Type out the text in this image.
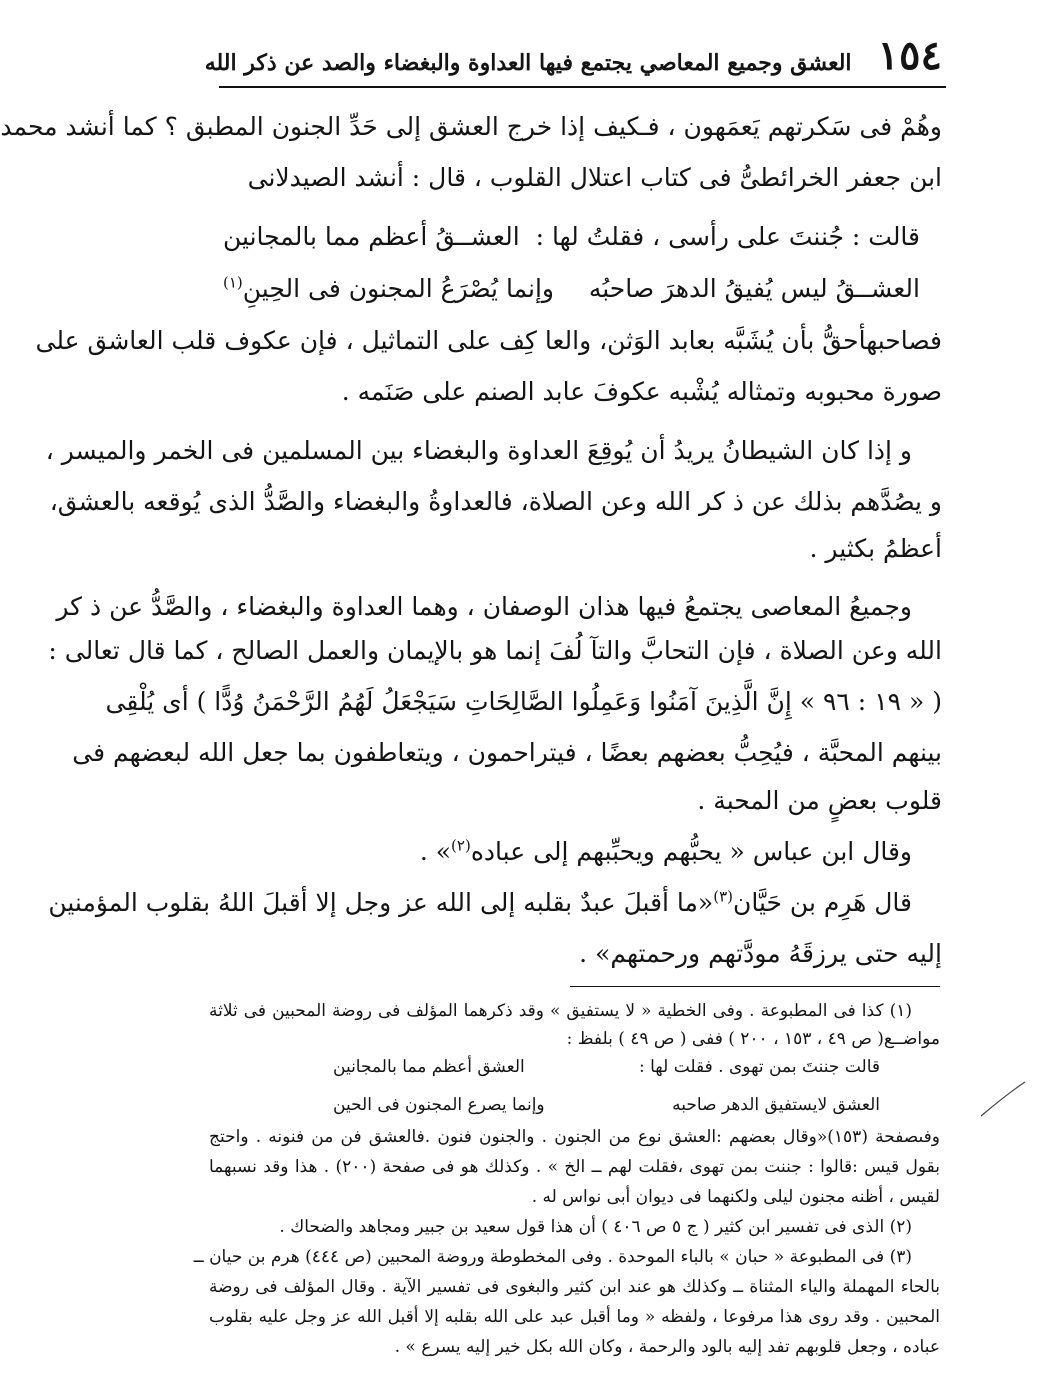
١٥٤
العشق وجميع المعاصي يجتمع فيها العداوة والبغضاء والصد عن ذكر الله
وهُمْ فى سَكرتهم يَعمَهون ، فـكيف إذا خرج العشق إلى حَدِّ الجنون المطبق ؟ كما أنشد محمد
ابن جعفر الخرائطىُّ فى كتاب اعتلال القلوب ، قال : أنشد الصيدلانى
قالت : جُننتَ على رأسى ، فقلتُ لها :
العشــقُ أعظم مما بالمجانين
العشــقُ ليس يُفيقُ الدهرَ صاحبُه
وإنما يُصْرَعُ المجنون فى الحِينِ$^{(١)}$
فصاحبهأحقُّ بأن يُشَبَّه بعابد الوَثن، والعا كِف على التماثيل ، فإن عكوف قلب العاشق على
صورة محبوبه وتمثاله يُشْبه عكوفَ عابد الصنم على صَنَمه .
و إذا كان الشيطانُ يريدُ أن يُوقِعَ العداوة والبغضاء بين المسلمين فى الخمر والميسر ،
و يصُدَّهم بذلك عن ذ كر الله وعن الصلاة، فالعداوةُ والبغضاء والصَّدُّ الذى يُوقعه بالعشق،
أعظمُ بكثير .
وجميعُ المعاصى يجتمعُ فيها هذان الوصفان ، وهما العداوة والبغضاء ، والصَّدُّ عن ذ كر
الله وعن الصلاة ، فإن التحابَّ والتآ لُفَ إنما هو بالإيمان والعمل الصالح ، كما قال تعالى :
( « ١٩ : ٩٦ » إِنَّ الَّذِينَ آمَنُوا وَعَمِلُوا الصَّالِحَاتِ سَيَجْعَلُ لَهُمُ الرَّحْمَنُ وُدًّا ) أى يُلْقِى
بينهم المحبَّة ، فيُحِبُّ بعضهم بعضًا ، فيتراحمون ، ويتعاطفون بما جعل الله لبعضهم فى
قلوب بعضٍ من المحبة .
وقال ابن عباس « يحبُّهم ويحبِّبهم إلى عباده$^{(٢)}$» .
قال هَرِم بن حَيَّان$^{(٣)}$«ما أقبلَ عبدٌ بقلبه إلى الله عز وجل إلا أقبلَ اللهُ بقلوب المؤمنين
إليه حتى يرزقَهُ مودَّتهم ورحمتهم» .
(١) كذا فى المطبوعة . وفى الخطية « لا يستفيق » وقد ذكرهما المؤلف فى روضة المحبين فى ثلاثة
مواضــع( ص ٤٩ ، ١٥٣ ، ٢٠٠ ) ففى ( ص ٤٩ ) بلفظ :
قالت جننتَ بمن تهوى . فقلت لها :
العشق أعظم مما بالمجانين
العشق لايستفيق الدهر صاحبه
وإنما يصرع المجنون فى الحين
وفىصفحة (١٥٣)«وقال بعضهم :العشق نوع من الجنون . والجنون فنون .فالعشق فن من فنونه . واحتج
بقول قيس :قالوا : جننت بمن تهوى ،فقلت لهم ــ الخ » . وكذلك هو فى صفحة (٢٠٠) . هذا وقد نسبهما
لقيس ، أظنه مجنون ليلى ولكنهما فى ديوان أبى نواس له .
(٢) الذى فى تفسير ابن كثير ( ج ٥ ص ٤٠٦ ) أن هذا قول سعيد بن جبير ومجاهد والضحاك .
(٣) فى المطبوعة « حبان » بالباء الموحدة . وفى المخطوطة وروضة المحبين (ص ٤٤٤) هرم بن حيان ــ
بالحاء المهملة والياء المثناة ــ وكذلك هو عند ابن كثير والبغوى فى تفسير الآية . وقال المؤلف فى روضة
المحبين . وقد روى هذا مرفوعا ، ولفظه « وما أقبل عبد على الله بقلبه إلا أقبل الله عز وجل عليه بقلوب
عباده ، وجعل قلوبهم تفد إليه بالود والرحمة ، وكان الله بكل خير إليه يسرع » .
